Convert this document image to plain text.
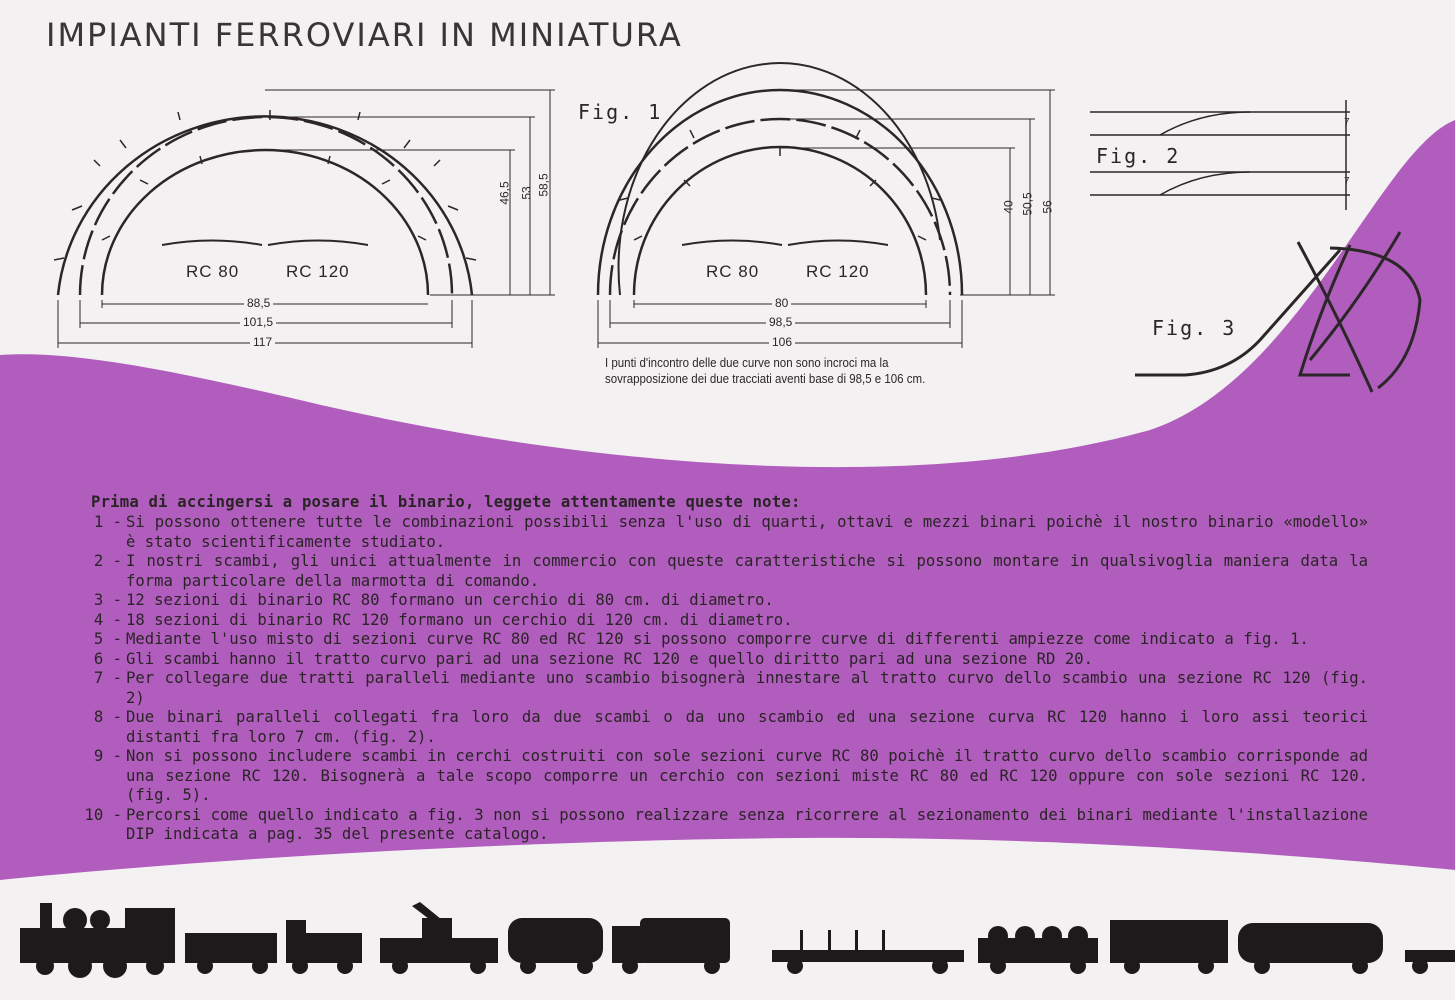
IMPIANTI FERROVIARI IN MINIATURA
Fig. 1
Fig. 2
Fig. 3
RC 80	RC 120	RC 80	RC 120
88,5
101,5
117
46,5 53 58,5
80
98,5
106
40 50,5 56
7
7
I punti d'incontro delle due curve non sono incroci ma la sovrapposizione dei due tracciati aventi base di 98,5 e 106 cm.
Prima di accingersi a posare il binario, leggete attentamente queste note:
1 - Si possono ottenere tutte le combinazioni possibili senza l'uso di quarti, ottavi e mezzi binari poichè il nostro binario «modello» è stato scientificamente studiato.
2 - I nostri scambi, gli unici attualmente in commercio con queste caratteristiche si possono montare in qualsivoglia maniera data la forma particolare della marmotta di comando.
3 - 12 sezioni di binario RC 80 formano un cerchio di 80 cm. di diametro.
4 - 18 sezioni di binario RC 120 formano un cerchio di 120 cm. di diametro.
5 - Mediante l'uso misto di sezioni curve RC 80 ed RC 120 si possono comporre curve di differenti ampiezze come indicato a fig. 1.
6 - Gli scambi hanno il tratto curvo pari ad una sezione RC 120 e quello diritto pari ad una sezione RD 20.
7 - Per collegare due tratti paralleli mediante uno scambio bisognerà innestare al tratto curvo dello scambio una sezione RC 120 (fig. 2)
8 - Due binari paralleli collegati fra loro da due scambi o da uno scambio ed una sezione curva RC 120 hanno i loro assi teorici distanti fra loro 7 cm. (fig. 2).
9 - Non si possono includere scambi in cerchi costruiti con sole sezioni curve RC 80 poichè il tratto curvo dello scambio corrisponde ad una sezione RC 120. Bisognerà a tale scopo comporre un cerchio con sezioni miste RC 80 ed RC 120 oppure con sole sezioni RC 120. (fig. 5).
10 - Percorsi come quello indicato a fig. 3 non si possono realizzare senza ricorrere al sezionamento dei binari mediante l'installazione DIP indicata a pag. 35 del presente catalogo.
